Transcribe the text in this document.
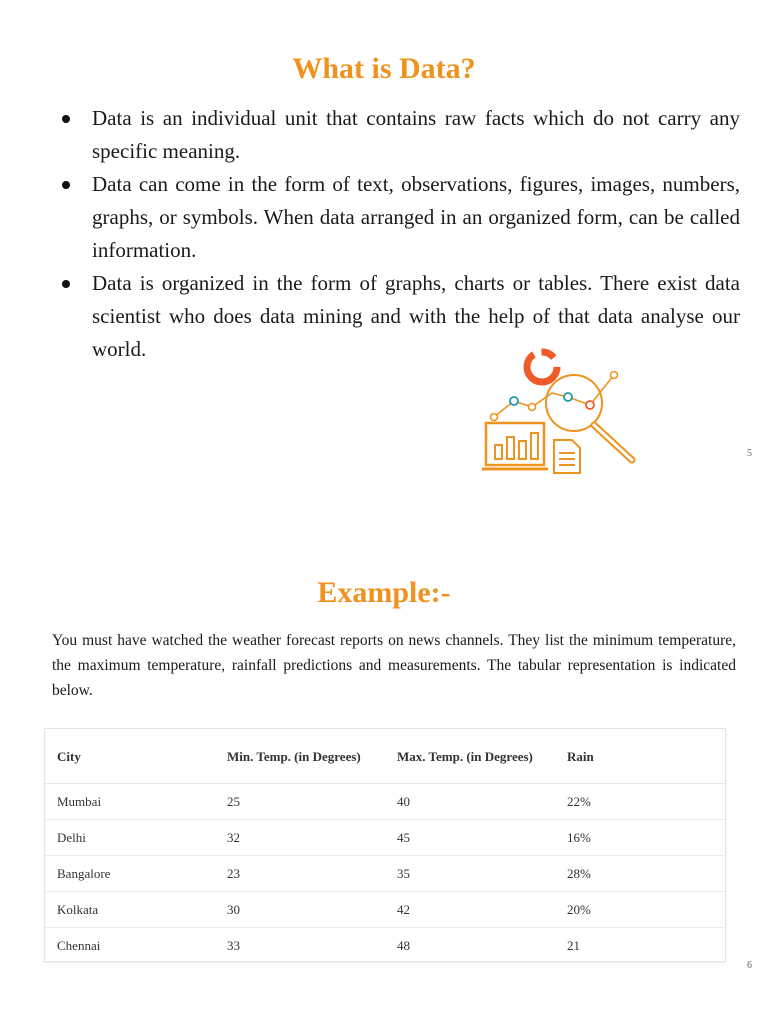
What is Data?
Data is an individual unit that contains raw facts which do not carry any specific meaning.
Data can come in the form of text, observations, figures, images, numbers, graphs, or symbols. When data arranged in an organized form, can be called information.
Data is organized in the form of graphs, charts or tables. There exist data scientist who does data mining and with the help of that data analyse our world.
5
Example:-

You must have watched the weather forecast reports on news channels. They list the minimum temperature, the maximum temperature, rainfall predictions and measurements. The tabular representation is indicated below.

City	Min. Temp. (in Degrees)	Max. Temp. (in Degrees)	Rain
Mumbai	25	40	22%
Delhi	32	45	16%
Bangalore	23	35	28%
Kolkata	30	42	20%
Chennai	33	48	21
6
